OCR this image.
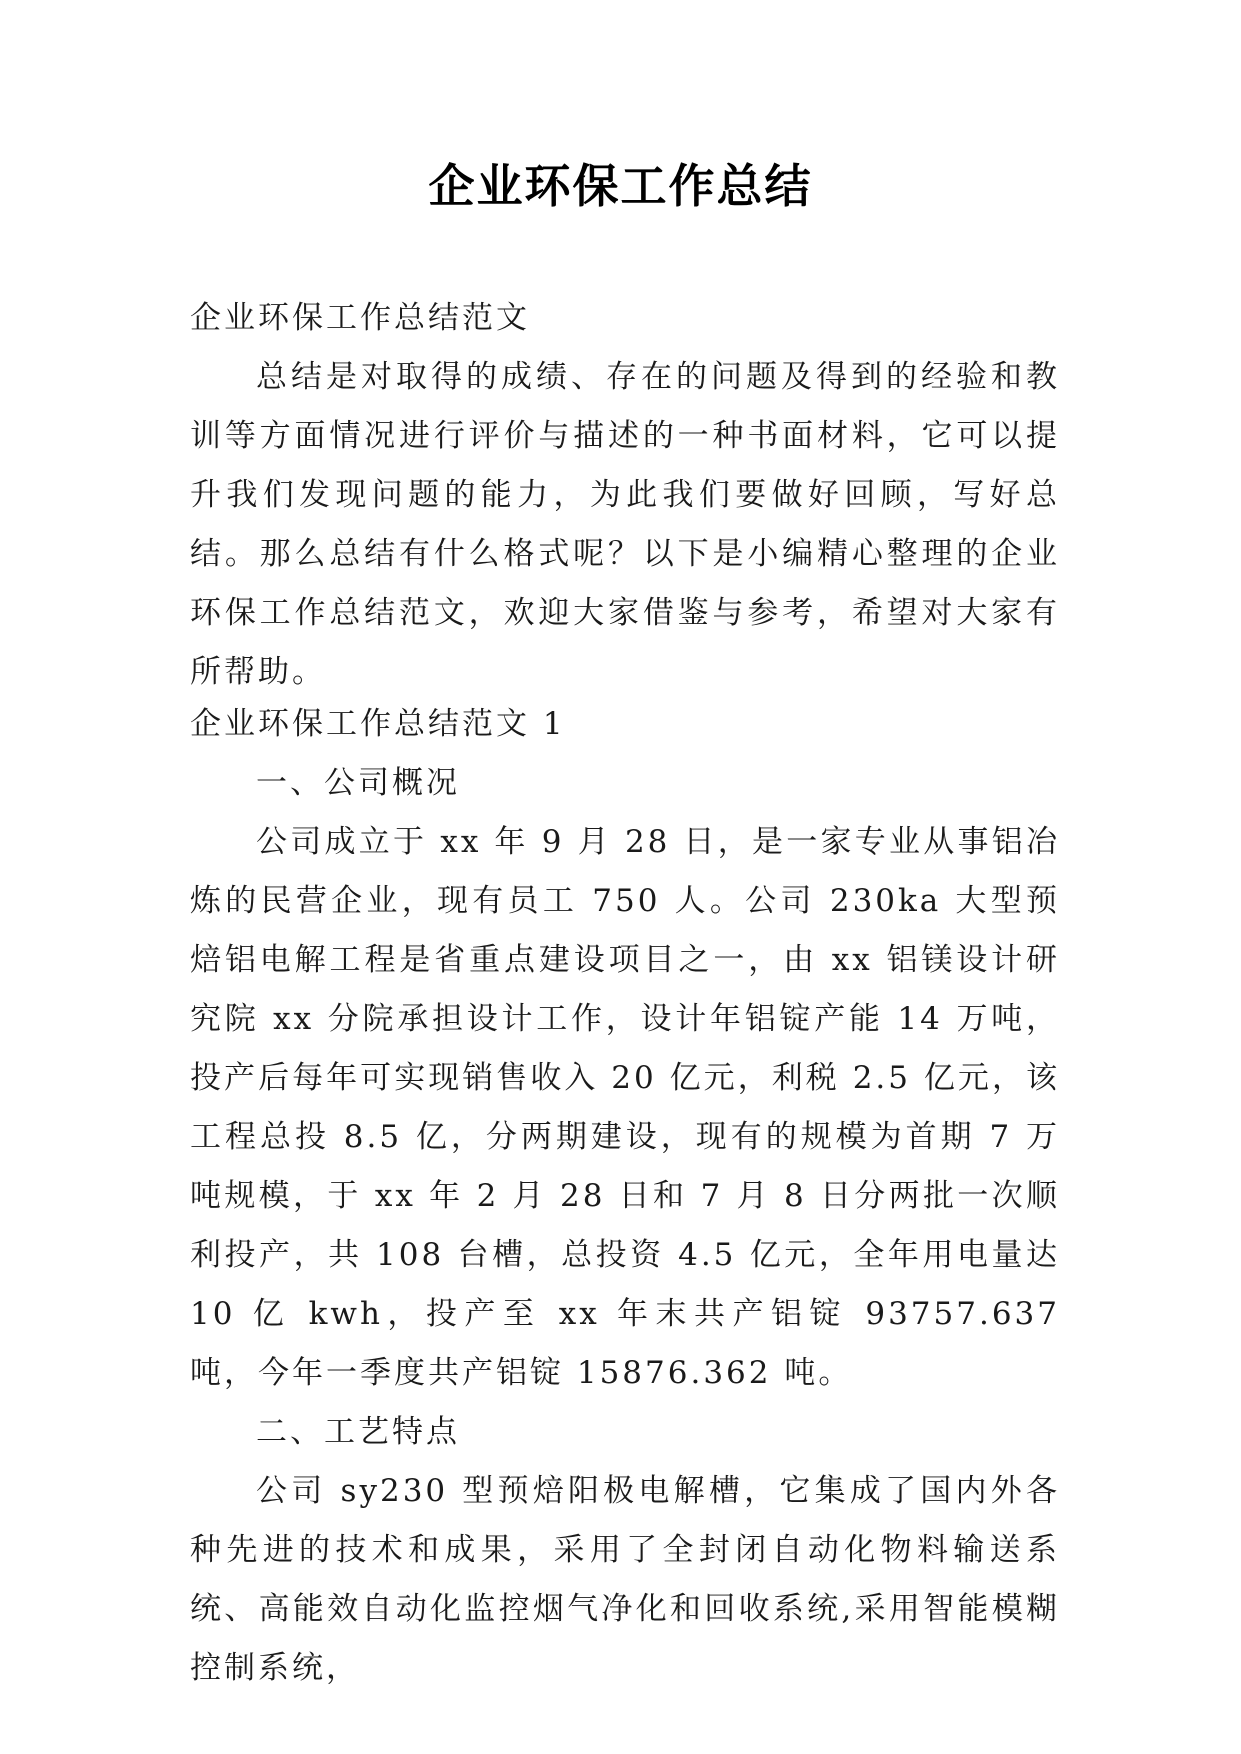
企业环保工作总结

企业环保工作总结范文

总结是对取得的成绩、存在的问题及得到的经验和教训等方面情况进行评价与描述的一种书面材料，它可以提升我们发现问题的能力，为此我们要做好回顾，写好总结。那么总结有什么格式呢？以下是小编精心整理的企业环保工作总结范文，欢迎大家借鉴与参考，希望对大家有所帮助。

企业环保工作总结范文 1

一、公司概况

公司成立于 xx 年 9 月 28 日，是一家专业从事铝冶炼的民营企业，现有员工 750 人。公司 230ka 大型预焙铝电解工程是省重点建设项目之一，由 xx 铝镁设计研究院 xx 分院承担设计工作，设计年铝锭产能 14 万吨，投产后每年可实现销售收入 20 亿元，利税 2.5 亿元，该工程总投 8.5 亿，分两期建设，现有的规模为首期 7 万吨规模，于 xx 年 2 月 28 日和 7 月 8 日分两批一次顺利投产，共 108 台槽，总投资 4.5 亿元，全年用电量达 10 亿 kwh，投产至 xx 年末共产铝锭 93757.637 吨，今年一季度共产铝锭 15876.362 吨。

二、工艺特点

公司 sy230 型预焙阳极电解槽，它集成了国内外各种先进的技术和成果，采用了全封闭自动化物料输送系统、高能效自动化监控烟气净化和回收系统,采用智能模糊控制系统，
